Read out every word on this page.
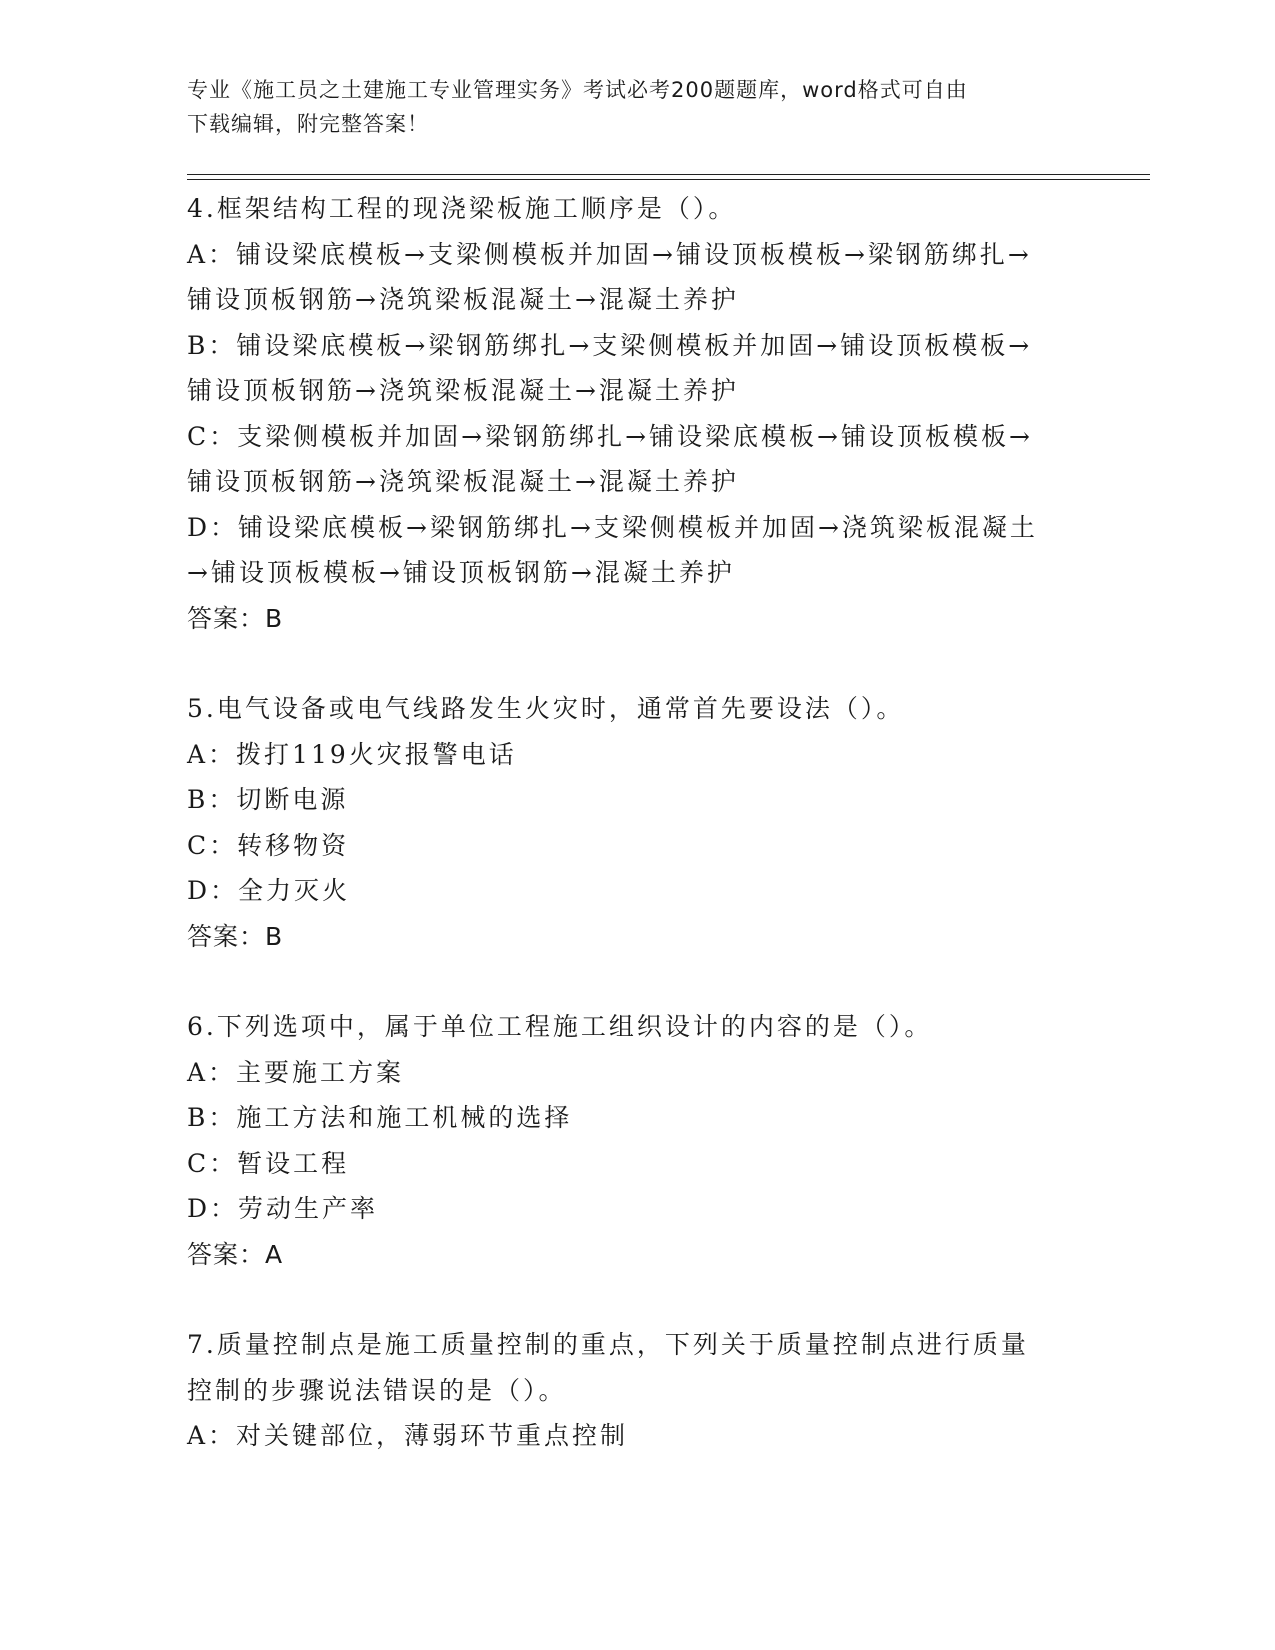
专业《施工员之土建施工专业管理实务》考试必考200题题库，word格式可自由
下载编辑，附完整答案！

4.框架结构工程的现浇梁板施工顺序是（）。

A：铺设梁底模板→支梁侧模板并加固→铺设顶板模板→梁钢筋绑扎→

铺设顶板钢筋→浇筑梁板混凝土→混凝土养护

B：铺设梁底模板→梁钢筋绑扎→支梁侧模板并加固→铺设顶板模板→

铺设顶板钢筋→浇筑梁板混凝土→混凝土养护

C：支梁侧模板并加固→梁钢筋绑扎→铺设梁底模板→铺设顶板模板→

铺设顶板钢筋→浇筑梁板混凝土→混凝土养护

D：铺设梁底模板→梁钢筋绑扎→支梁侧模板并加固→浇筑梁板混凝土

→铺设顶板模板→铺设顶板钢筋→混凝土养护

答案：B

5.电气设备或电气线路发生火灾时，通常首先要设法（）。

A：拨打119火灾报警电话

B：切断电源

C：转移物资

D：全力灭火

答案：B

6.下列选项中，属于单位工程施工组织设计的内容的是（）。

A：主要施工方案

B：施工方法和施工机械的选择

C：暂设工程

D：劳动生产率

答案：A

7.质量控制点是施工质量控制的重点，下列关于质量控制点进行质量

控制的步骤说法错误的是（）。

A：对关键部位，薄弱环节重点控制
